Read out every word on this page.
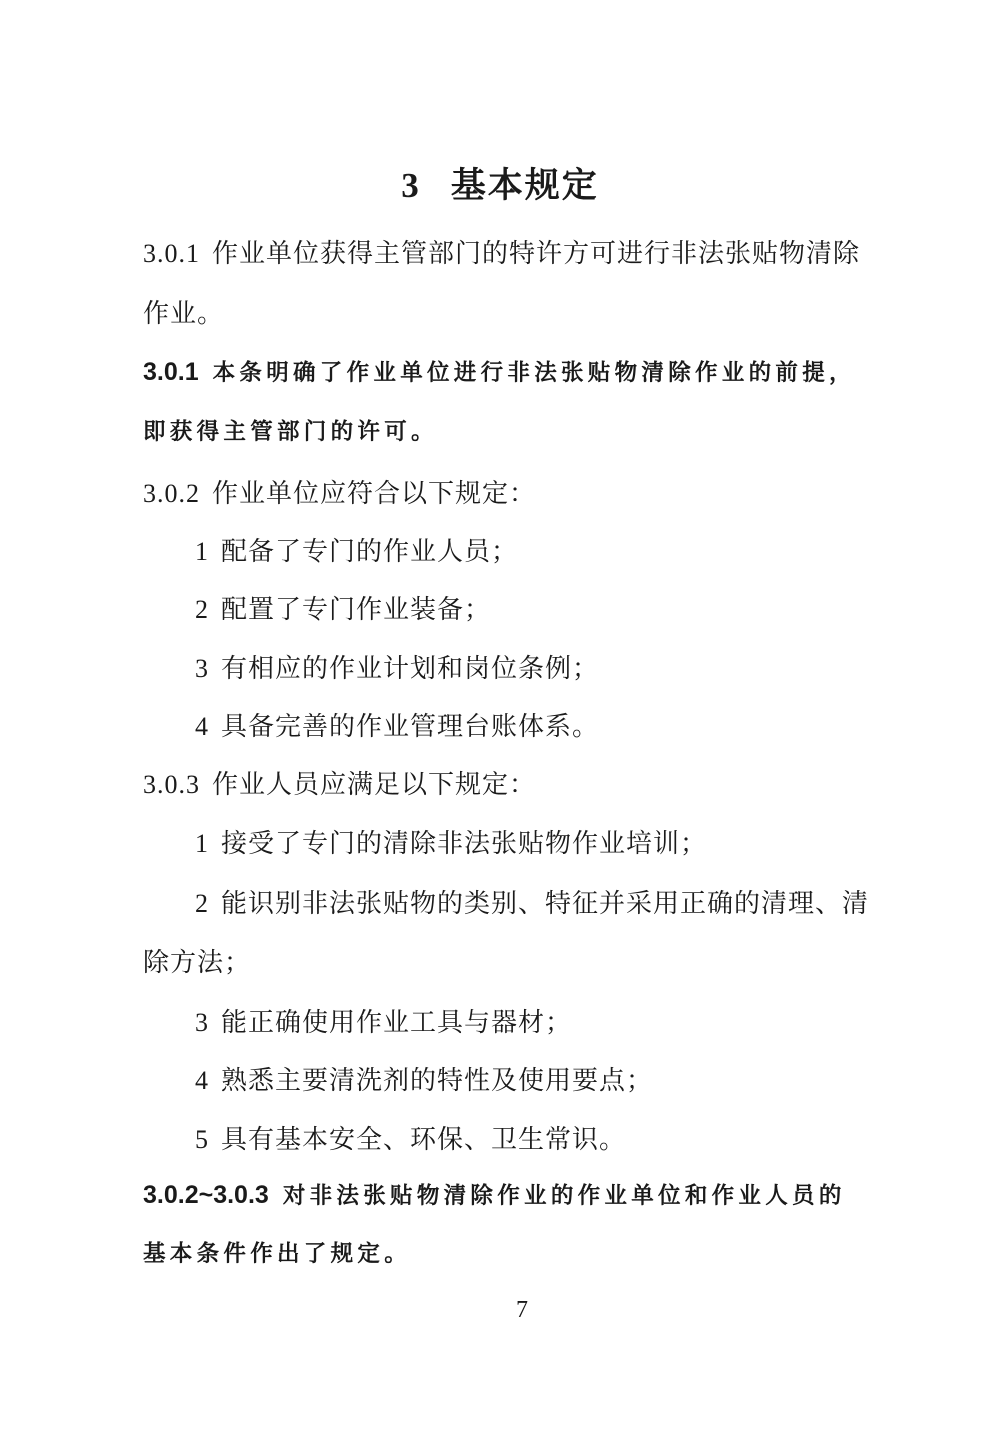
3 基本规定
3.0.1 作业单位获得主管部门的特许方可进行非法张贴物清除
作业。
3.0.1 本条明确了作业单位进行非法张贴物清除作业的前提，
即获得主管部门的许可。
3.0.2 作业单位应符合以下规定：
1 配备了专门的作业人员；
2 配置了专门作业装备；
3 有相应的作业计划和岗位条例；
4 具备完善的作业管理台账体系。
3.0.3 作业人员应满足以下规定：
1 接受了专门的清除非法张贴物作业培训；
2 能识别非法张贴物的类别、特征并采用正确的清理、清
除方法；
3 能正确使用作业工具与器材；
4 熟悉主要清洗剂的特性及使用要点；
5 具有基本安全、环保、卫生常识。
3.0.2~3.0.3 对非法张贴物清除作业的作业单位和作业人员的
基本条件作出了规定。
7
